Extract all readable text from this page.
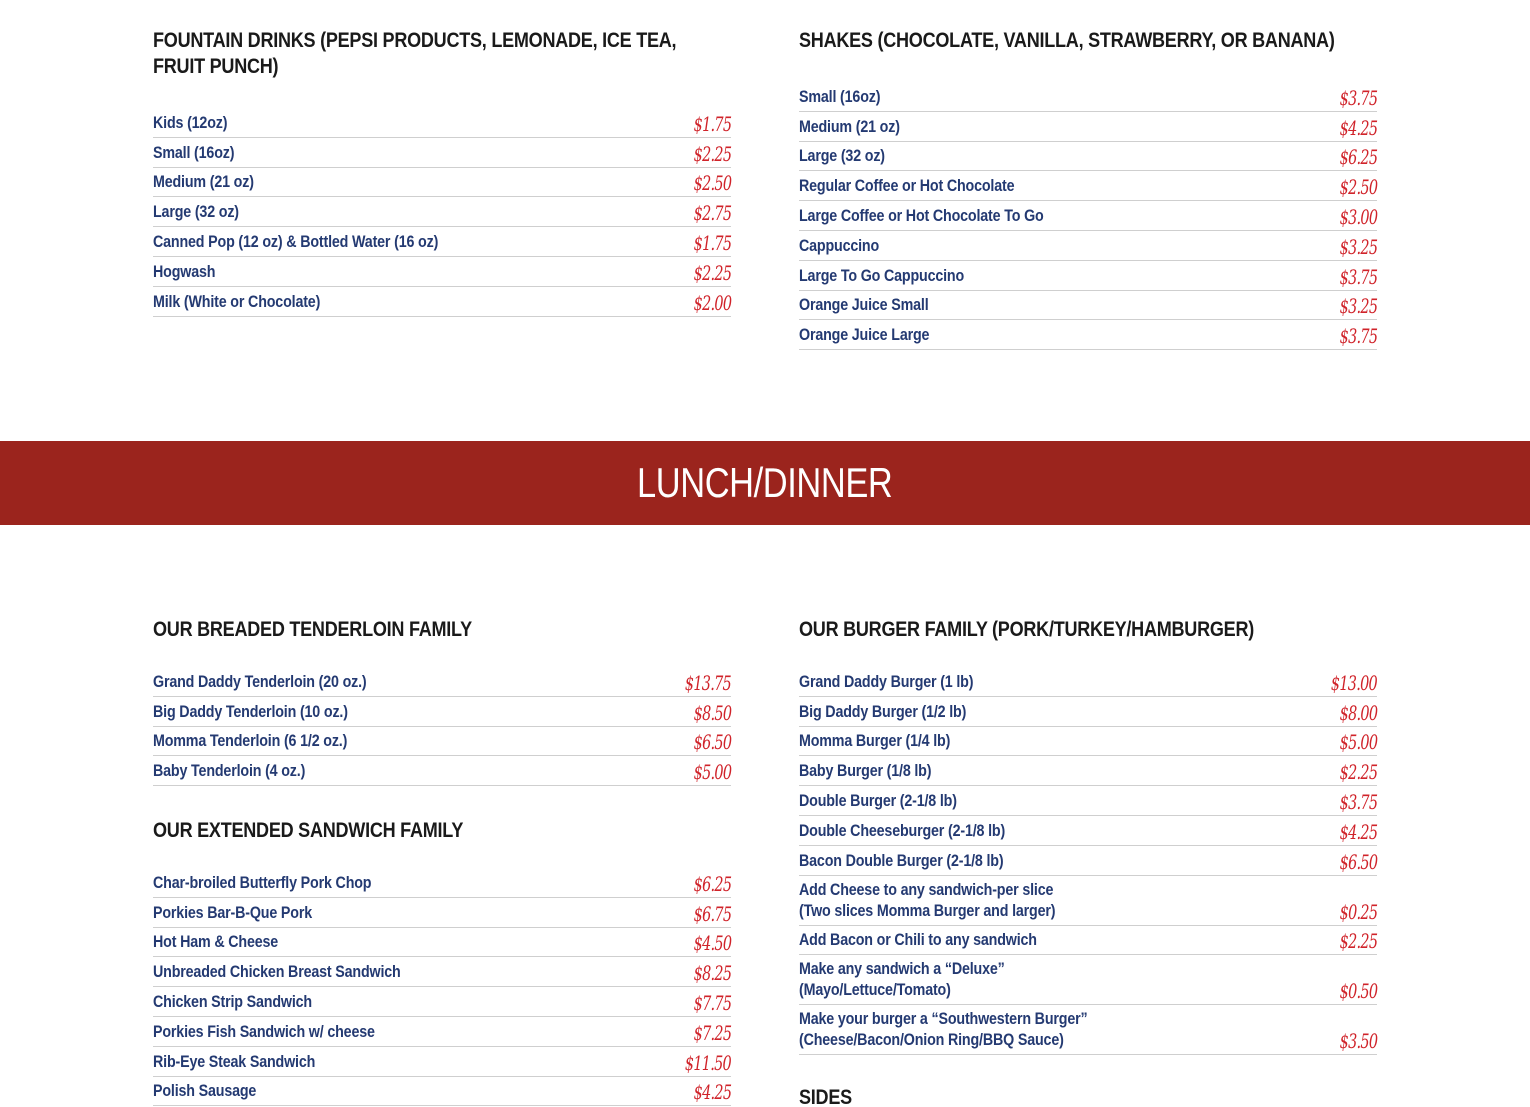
FOUNTAIN DRINKS (PEPSI PRODUCTS, LEMONADE, ICE TEA, FRUIT PUNCH)
Kids (12oz)	$1.75
Small (16oz)	$2.25
Medium (21 oz)	$2.50
Large (32 oz)	$2.75
Canned Pop (12 oz) & Bottled Water (16 oz)	$1.75
Hogwash	$2.25
Milk (White or Chocolate)	$2.00
SHAKES (CHOCOLATE, VANILLA, STRAWBERRY, OR BANANA)
Small (16oz)	$3.75
Medium (21 oz)	$4.25
Large (32 oz)	$6.25
Regular Coffee or Hot Chocolate	$2.50
Large Coffee or Hot Chocolate To Go	$3.00
Cappuccino	$3.25
Large To Go Cappuccino	$3.75
Orange Juice Small	$3.25
Orange Juice Large	$3.75
LUNCH/DINNER
OUR BREADED TENDERLOIN FAMILY
Grand Daddy Tenderloin (20 oz.)	$13.75
Big Daddy Tenderloin (10 oz.)	$8.50
Momma Tenderloin (6 1/2 oz.)	$6.50
Baby Tenderloin (4 oz.)	$5.00
OUR EXTENDED SANDWICH FAMILY
Char-broiled Butterfly Pork Chop	$6.25
Porkies Bar-B-Que Pork	$6.75
Hot Ham & Cheese	$4.50
Unbreaded Chicken Breast Sandwich	$8.25
Chicken Strip Sandwich	$7.75
Porkies Fish Sandwich w/ cheese	$7.25
Rib-Eye Steak Sandwich	$11.50
Polish Sausage	$4.25
OUR BURGER FAMILY (PORK/TURKEY/HAMBURGER)
Grand Daddy Burger (1 lb)	$13.00
Big Daddy Burger (1/2 lb)	$8.00
Momma Burger (1/4 lb)	$5.00
Baby Burger (1/8 lb)	$2.25
Double Burger (2-1/8 lb)	$3.75
Double Cheeseburger (2-1/8 lb)	$4.25
Bacon Double Burger (2-1/8 lb)	$6.50
Add Cheese to any sandwich-per slice
(Two slices Momma Burger and larger)	$0.25
Add Bacon or Chili to any sandwich	$2.25
Make any sandwich a “Deluxe”
(Mayo/Lettuce/Tomato)	$0.50
Make your burger a “Southwestern Burger”
(Cheese/Bacon/Onion Ring/BBQ Sauce)	$3.50
SIDES
